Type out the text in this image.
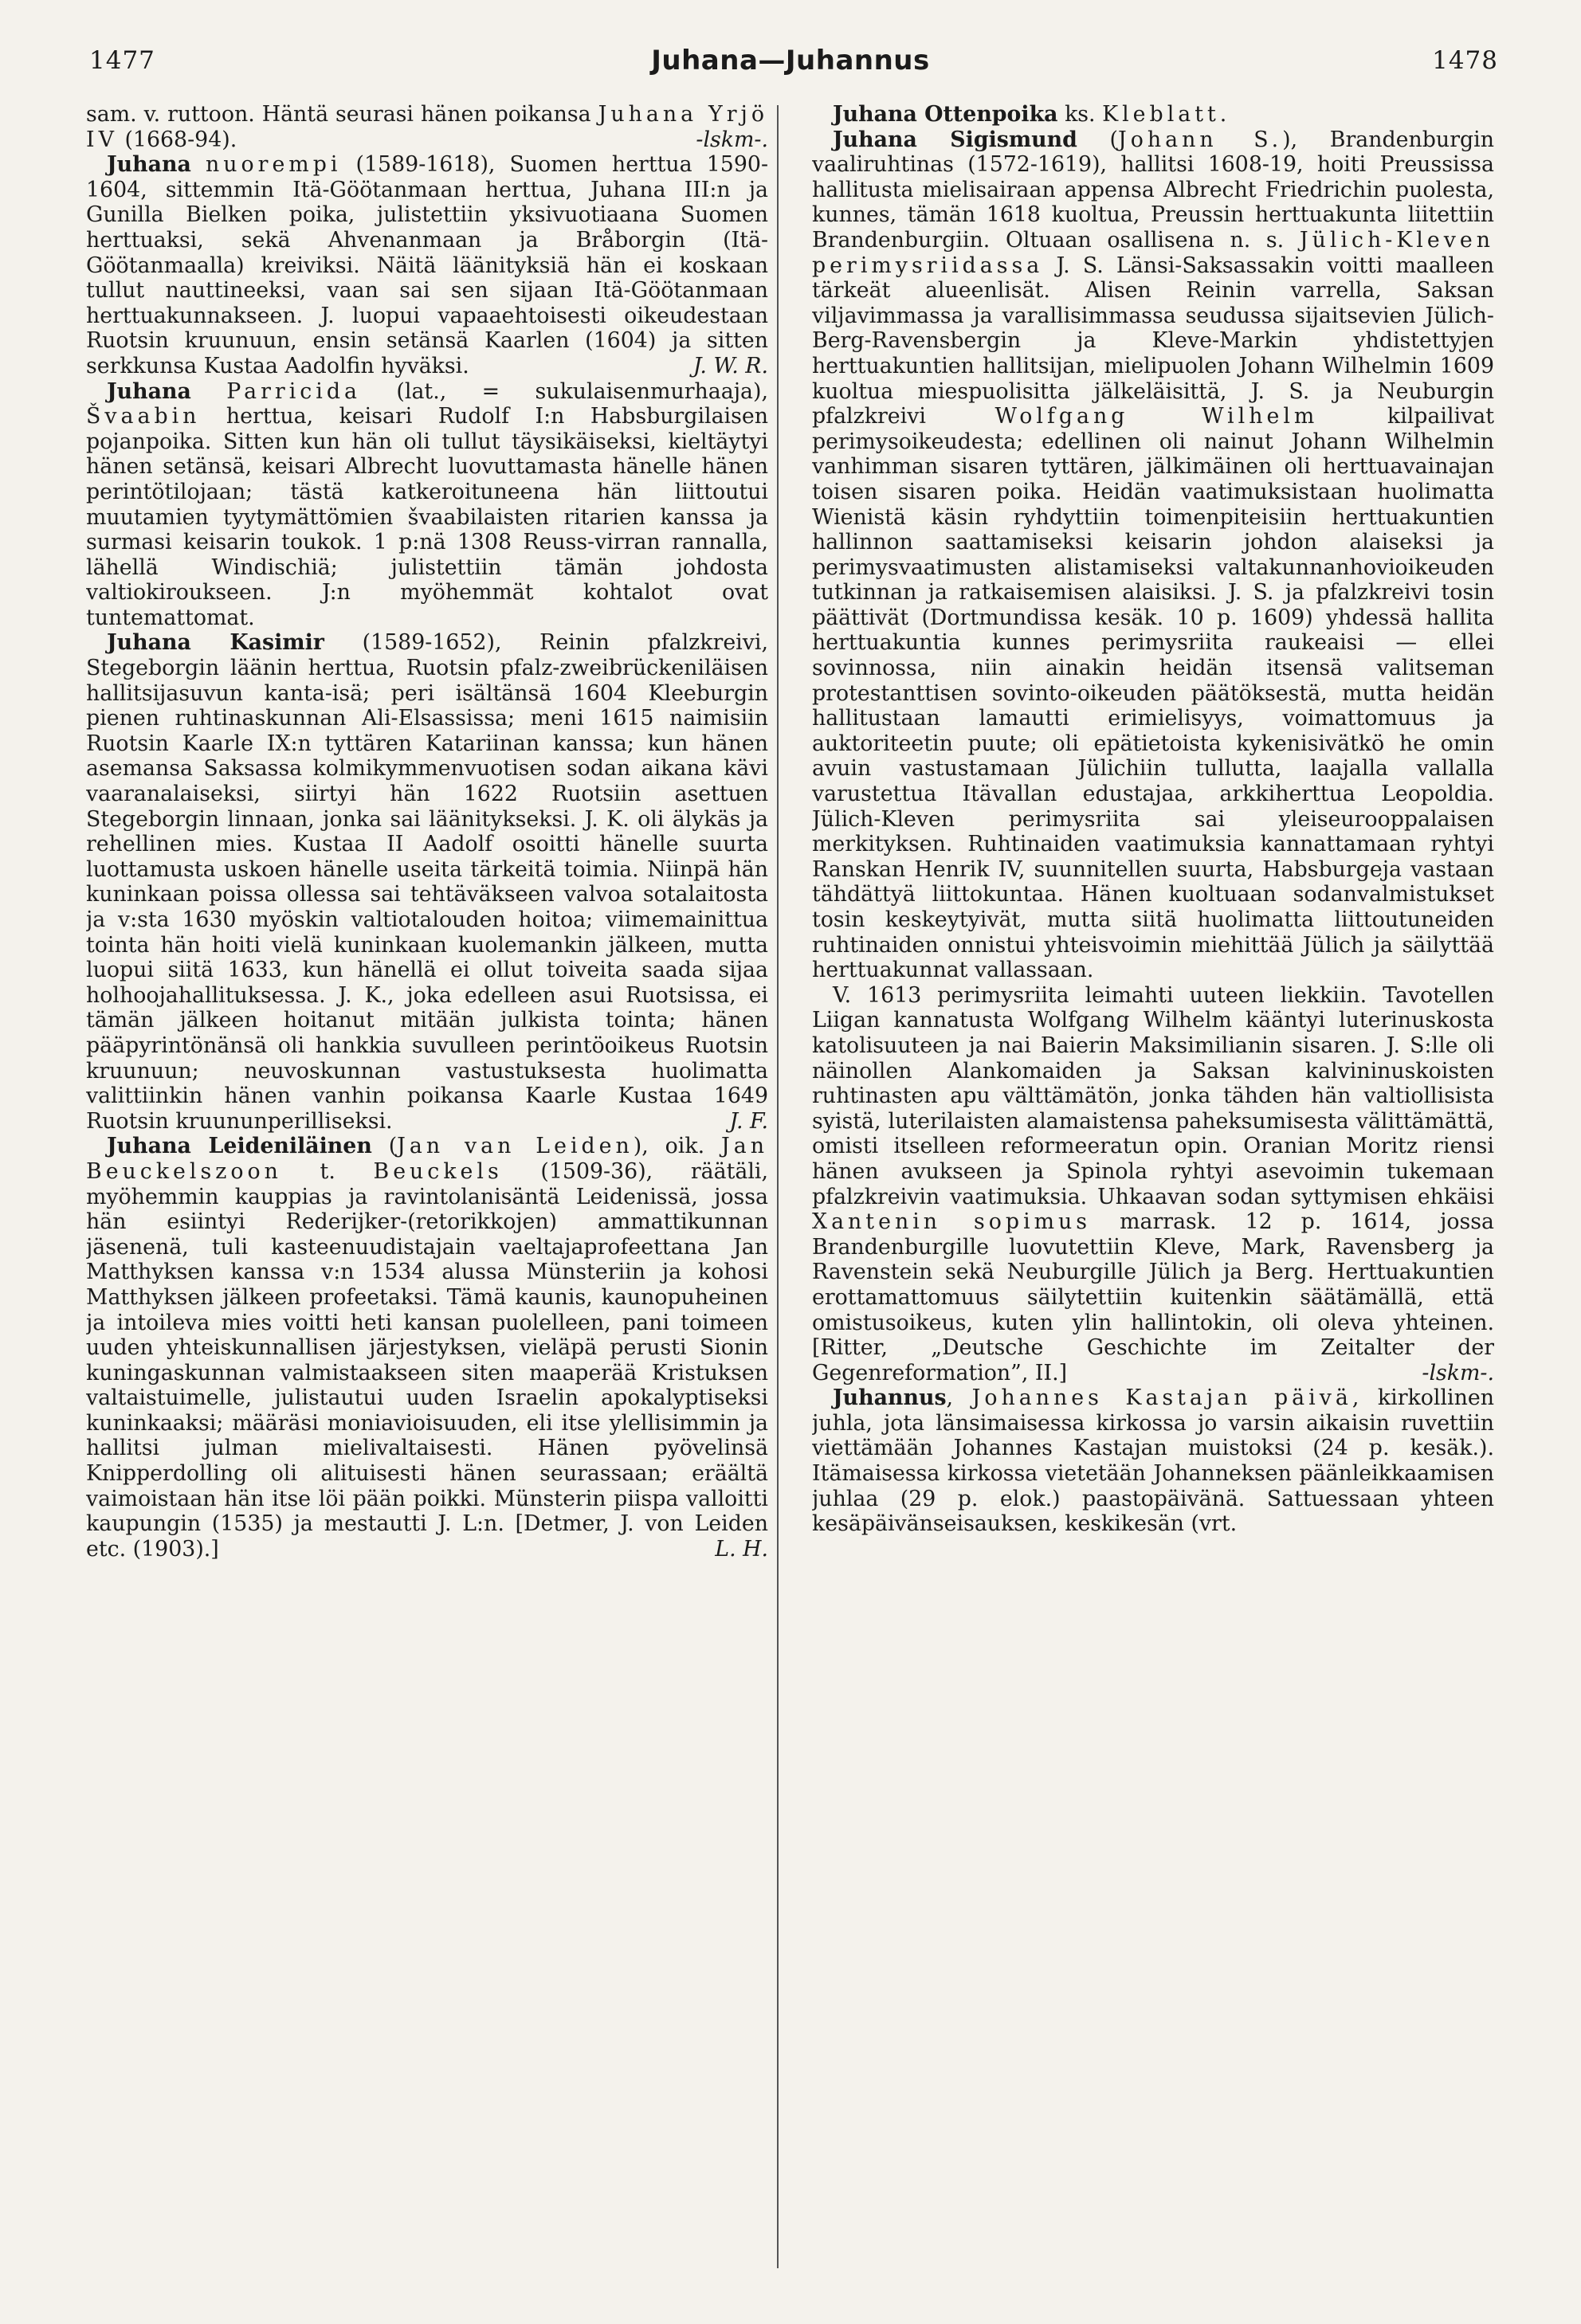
1477	Juhana—Juhannus	1478

sam. v. ruttoon. Häntä seurasi hänen poikansa Juhana Yrjö IV (1668-94).	-lskm-.

Juhana nuorempi (1589-1618), Suomen herttua 1590-1604, sittemmin Itä-Göötanmaan herttua, Juhana III:n ja Gunilla Bielken poika, julistettiin yksivuotiaana Suomen herttuaksi, sekä Ahvenanmaan ja Bråborgin (Itä-Göötanmaalla) kreiviksi. Näitä läänityksiä hän ei koskaan tullut nauttineeksi, vaan sai sen sijaan Itä-Göötanmaan herttuakunnakseen. J. luopui vapaaehtoisesti oikeudestaan Ruotsin kruunuun, ensin setänsä Kaarlen (1604) ja sitten serkkunsa Kustaa Aadolfin hyväksi.	J. W. R.

Juhana Parricida (lat., = sukulaisenmurhaaja), Švaabin herttua, keisari Rudolf I:n Habsburgilaisen pojanpoika. Sitten kun hän oli tullut täysikäiseksi, kieltäytyi hänen setänsä, keisari Albrecht luovuttamasta hänelle hänen perintötilojaan; tästä katkeroituneena hän liittoutui muutamien tyytymättömien švaabilaisten ritarien kanssa ja surmasi keisarin toukok. 1 p:nä 1308 Reuss-virran rannalla, lähellä Windischiä; julistettiin tämän johdosta valtiokiroukseen. J:n myöhemmät kohtalot ovat tuntemattomat.

Juhana Kasimir (1589-1652), Reinin pfalzkreivi, Stegeborgin läänin herttua, Ruotsin pfalz-zweibrückeniläisen hallitsijasuvun kanta-isä; peri isältänsä 1604 Kleeburgin pienen ruhtinaskunnan Ali-Elsassissa; meni 1615 naimisiin Ruotsin Kaarle IX:n tyttären Katariinan kanssa; kun hänen asemansa Saksassa kolmikymmenvuotisen sodan aikana kävi vaaranalaiseksi, siirtyi hän 1622 Ruotsiin asettuen Stegeborgin linnaan, jonka sai läänitykseksi. J. K. oli älykäs ja rehellinen mies. Kustaa II Aadolf osoitti hänelle suurta luottamusta uskoen hänelle useita tärkeitä toimia. Niinpä hän kuninkaan poissa ollessa sai tehtäväkseen valvoa sotalaitosta ja v:sta 1630 myöskin valtiotalouden hoitoa; viimemainittua tointa hän hoiti vielä kuninkaan kuolemankin jälkeen, mutta luopui siitä 1633, kun hänellä ei ollut toiveita saada sijaa holhoojahallituksessa. J. K., joka edelleen asui Ruotsissa, ei tämän jälkeen hoitanut mitään julkista tointa; hänen pääpyrintönänsä oli hankkia suvulleen perintöoikeus Ruotsin kruunuun; neuvoskunnan vastustuksesta huolimatta valittiinkin hänen vanhin poikansa Kaarle Kustaa 1649 Ruotsin kruununperilliseksi.	J. F.

Juhana Leideniläinen (Jan van Leiden), oik. Jan Beuckelszoon t. Beuckels (1509-36), räätäli, myöhemmin kauppias ja ravintolanisäntä Leidenissä, jossa hän esiintyi Rederijker-(retorikkojen) ammattikunnan jäsenenä, tuli kasteenuudistajain vaeltajaprofeettana Jan Matthyksen kanssa v:n 1534 alussa Münsteriin ja kohosi Matthyksen jälkeen profeetaksi. Tämä kaunis, kaunopuheinen ja intoileva mies voitti heti kansan puolelleen, pani toimeen uuden yhteiskunnallisen järjestyksen, vieläpä perusti Sionin kuningaskunnan valmistaakseen siten maaperää Kristuksen valtaistuimelle, julistautui uuden Israelin apokalyptiseksi kuninkaaksi; määräsi moniavioisuuden, eli itse ylellisimmin ja hallitsi julman mielivaltaisesti. Hänen pyövelinsä Knipperdolling oli alituisesti hänen seurassaan; eräältä vaimoistaan hän itse löi pään poikki. Münsterin piispa valloitti kaupungin (1535) ja mestautti J. L:n. [Detmer, J. von Leiden etc. (1903).]	L. H.

Juhana Ottenpoika ks. Kleblatt.

Juhana Sigismund (Johann S.), Brandenburgin vaaliruhtinas (1572-1619), hallitsi 1608-19, hoiti Preussissa hallitusta mielisairaan appensa Albrecht Friedrichin puolesta, kunnes, tämän 1618 kuoltua, Preussin herttuakunta liitettiin Brandenburgiin. Oltuaan osallisena n. s. Jülich-Kleven perimysriidassa J. S. Länsi-Saksassakin voitti maalleen tärkeät alueenlisät. Alisen Reinin varrella, Saksan viljavimmassa ja varallisimmassa seudussa sijaitsevien Jülich-Berg-Ravensbergin ja Kleve-Markin yhdistettyjen herttuakuntien hallitsijan, mielipuolen Johann Wilhelmin 1609 kuoltua miespuolisitta jälkeläisittä, J. S. ja Neuburgin pfalzkreivi Wolfgang Wilhelm kilpailivat perimysoikeudesta; edellinen oli nainut Johann Wilhelmin vanhimman sisaren tyttären, jälkimäinen oli herttuavainajan toisen sisaren poika. Heidän vaatimuksistaan huolimatta Wienistä käsin ryhdyttiin toimenpiteisiin herttuakuntien hallinnon saattamiseksi keisarin johdon alaiseksi ja perimysvaatimusten alistamiseksi valtakunnanhovioikeuden tutkinnan ja ratkaisemisen alaisiksi. J. S. ja pfalzkreivi tosin päättivät (Dortmundissa kesäk. 10 p. 1609) yhdessä hallita herttuakuntia kunnes perimysriita raukeaisi — ellei sovinnossa, niin ainakin heidän itsensä valitseman protestanttisen sovinto-oikeuden päätöksestä, mutta heidän hallitustaan lamautti erimielisyys, voimattomuus ja auktoriteetin puute; oli epätietoista kykenisivätkö he omin avuin vastustamaan Jülichiin tullutta, laajalla vallalla varustettua Itävallan edustajaa, arkkiherttua Leopoldia. Jülich-Kleven perimysriita sai yleiseurooppalaisen merkityksen. Ruhtinaiden vaatimuksia kannattamaan ryhtyi Ranskan Henrik IV, suunnitellen suurta, Habsburgeja vastaan tähdättyä liittokuntaa. Hänen kuoltuaan sodanvalmistukset tosin keskeytyivät, mutta siitä huolimatta liittoutuneiden ruhtinaiden onnistui yhteisvoimin miehittää Jülich ja säilyttää herttuakunnat vallassaan.

V. 1613 perimysriita leimahti uuteen liekkiin. Tavotellen Liigan kannatusta Wolfgang Wilhelm kääntyi luterinuskosta katolisuuteen ja nai Baierin Maksimilianin sisaren. J. S:lle oli näinollen Alankomaiden ja Saksan kalvininuskoisten ruhtinasten apu välttämätön, jonka tähden hän valtiollisista syistä, luterilaisten alamaistensa paheksumisesta välittämättä, omisti itselleen reformeeratun opin. Oranian Moritz riensi hänen avukseen ja Spinola ryhtyi asevoimin tukemaan pfalzkreivin vaatimuksia. Uhkaavan sodan syttymisen ehkäisi Xantenin sopimus marrask. 12 p. 1614, jossa Brandenburgille luovutettiin Kleve, Mark, Ravensberg ja Ravenstein sekä Neuburgille Jülich ja Berg. Herttuakuntien erottamattomuus säilytettiin kuitenkin säätämällä, että omistusoikeus, kuten ylin hallintokin, oli oleva yhteinen. [Ritter, „Deutsche Geschichte im Zeitalter der Gegenreformation”, II.]	-lskm-.

Juhannus, Johannes Kastajan päivä, kirkollinen juhla, jota länsimaisessa kirkossa jo varsin aikaisin ruvettiin viettämään Johannes Kastajan muistoksi (24 p. kesäk.). Itämaisessa kirkossa vietetään Johanneksen päänleikkaamisen juhlaa (29 p. elok.) paastopäivänä. Sattuessaan yhteen kesäpäivänseisauksen, keskikesän (vrt.
